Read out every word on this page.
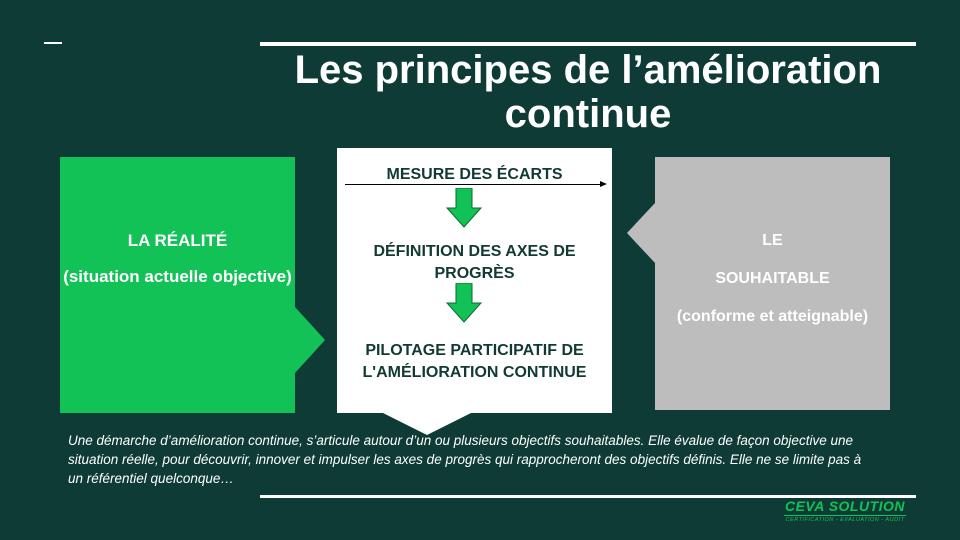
Les principes de l’amélioration continue

LA RÉALITÉ

(situation actuelle objective)

MESURE DES ÉCARTS
DÉFINITION DES AXES DE PROGRÈS
PILOTAGE PARTICIPATIF DE L'AMÉLIORATION CONTINUE

LE

SOUHAITABLE

(conforme et atteignable)

Une démarche d’amélioration continue, s’articule autour d’un ou plusieurs objectifs souhaitables. Elle évalue de façon objective une situation réelle, pour découvrir, innover et impulser les axes de progrès qui rapprocheront des objectifs définis. Elle ne se limite pas à un référentiel quelconque…
CEVA SOLUTION
CERTIFICATION - EVALUATION - AUDIT
